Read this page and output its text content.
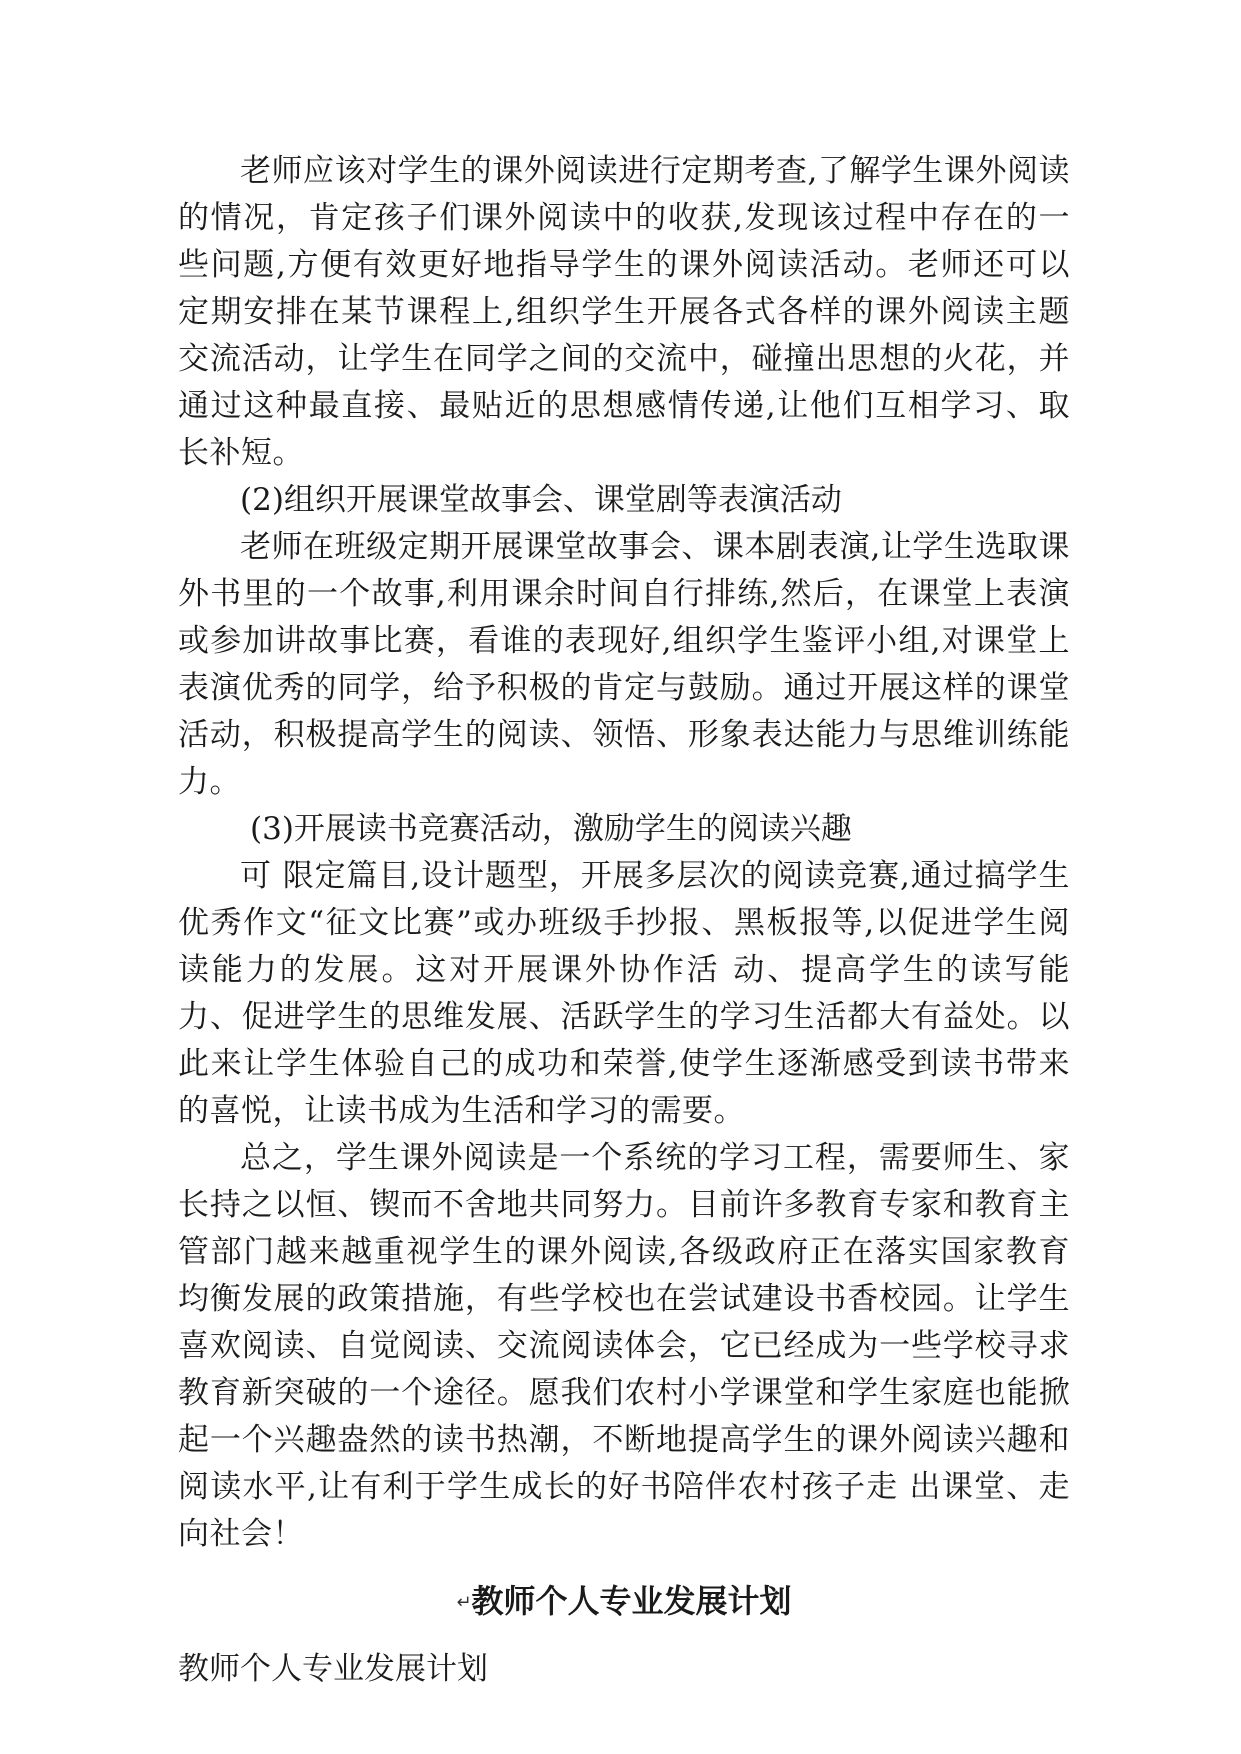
老师应该对学生的课外阅读进行定期考查,了解学生课外阅读的情况，肯定孩子们课外阅读中的收获,发现该过程中存在的一些问题,方便有效更好地指导学生的课外阅读活动。老师还可以定期安排在某节课程上,组织学生开展各式各样的课外阅读主题交流活动，让学生在同学之间的交流中，碰撞出思想的火花，并通过这种最直接、最贴近的思想感情传递,让他们互相学习、取长补短。

(2)组织开展课堂故事会、课堂剧等表演活动

老师在班级定期开展课堂故事会、课本剧表演,让学生选取课外书里的一个故事,利用课余时间自行排练,然后，在课堂上表演或参加讲故事比赛，看谁的表现好,组织学生鉴评小组,对课堂上表演优秀的同学，给予积极的肯定与鼓励。通过开展这样的课堂活动，积极提高学生的阅读、领悟、形象表达能力与思维训练能力。

(3)开展读书竞赛活动，激励学生的阅读兴趣

可 限定篇目,设计题型，开展多层次的阅读竞赛,通过搞学生优秀作文“征文比赛”或办班级手抄报、黑板报等,以促进学生阅读能力的发展。这对开展课外协作活 动、提高学生的读写能力、促进学生的思维发展、活跃学生的学习生活都大有益处。以此来让学生体验自己的成功和荣誉,使学生逐渐感受到读书带来的喜悦，让读书成为生活和学习的需要。

总之，学生课外阅读是一个系统的学习工程，需要师生、家长持之以恒、锲而不舍地共同努力。目前许多教育专家和教育主管部门越来越重视学生的课外阅读,各级政府正在落实国家教育均衡发展的政策措施，有些学校也在尝试建设书香校园。让学生喜欢阅读、自觉阅读、交流阅读体会，它已经成为一些学校寻求教育新突破的一个途径。愿我们农村小学课堂和学生家庭也能掀起一个兴趣盎然的读书热潮，不断地提高学生的课外阅读兴趣和阅读水平,让有利于学生成长的好书陪伴农村孩子走 出课堂、走向社会！

↵教师个人专业发展计划

教师个人专业发展计划
